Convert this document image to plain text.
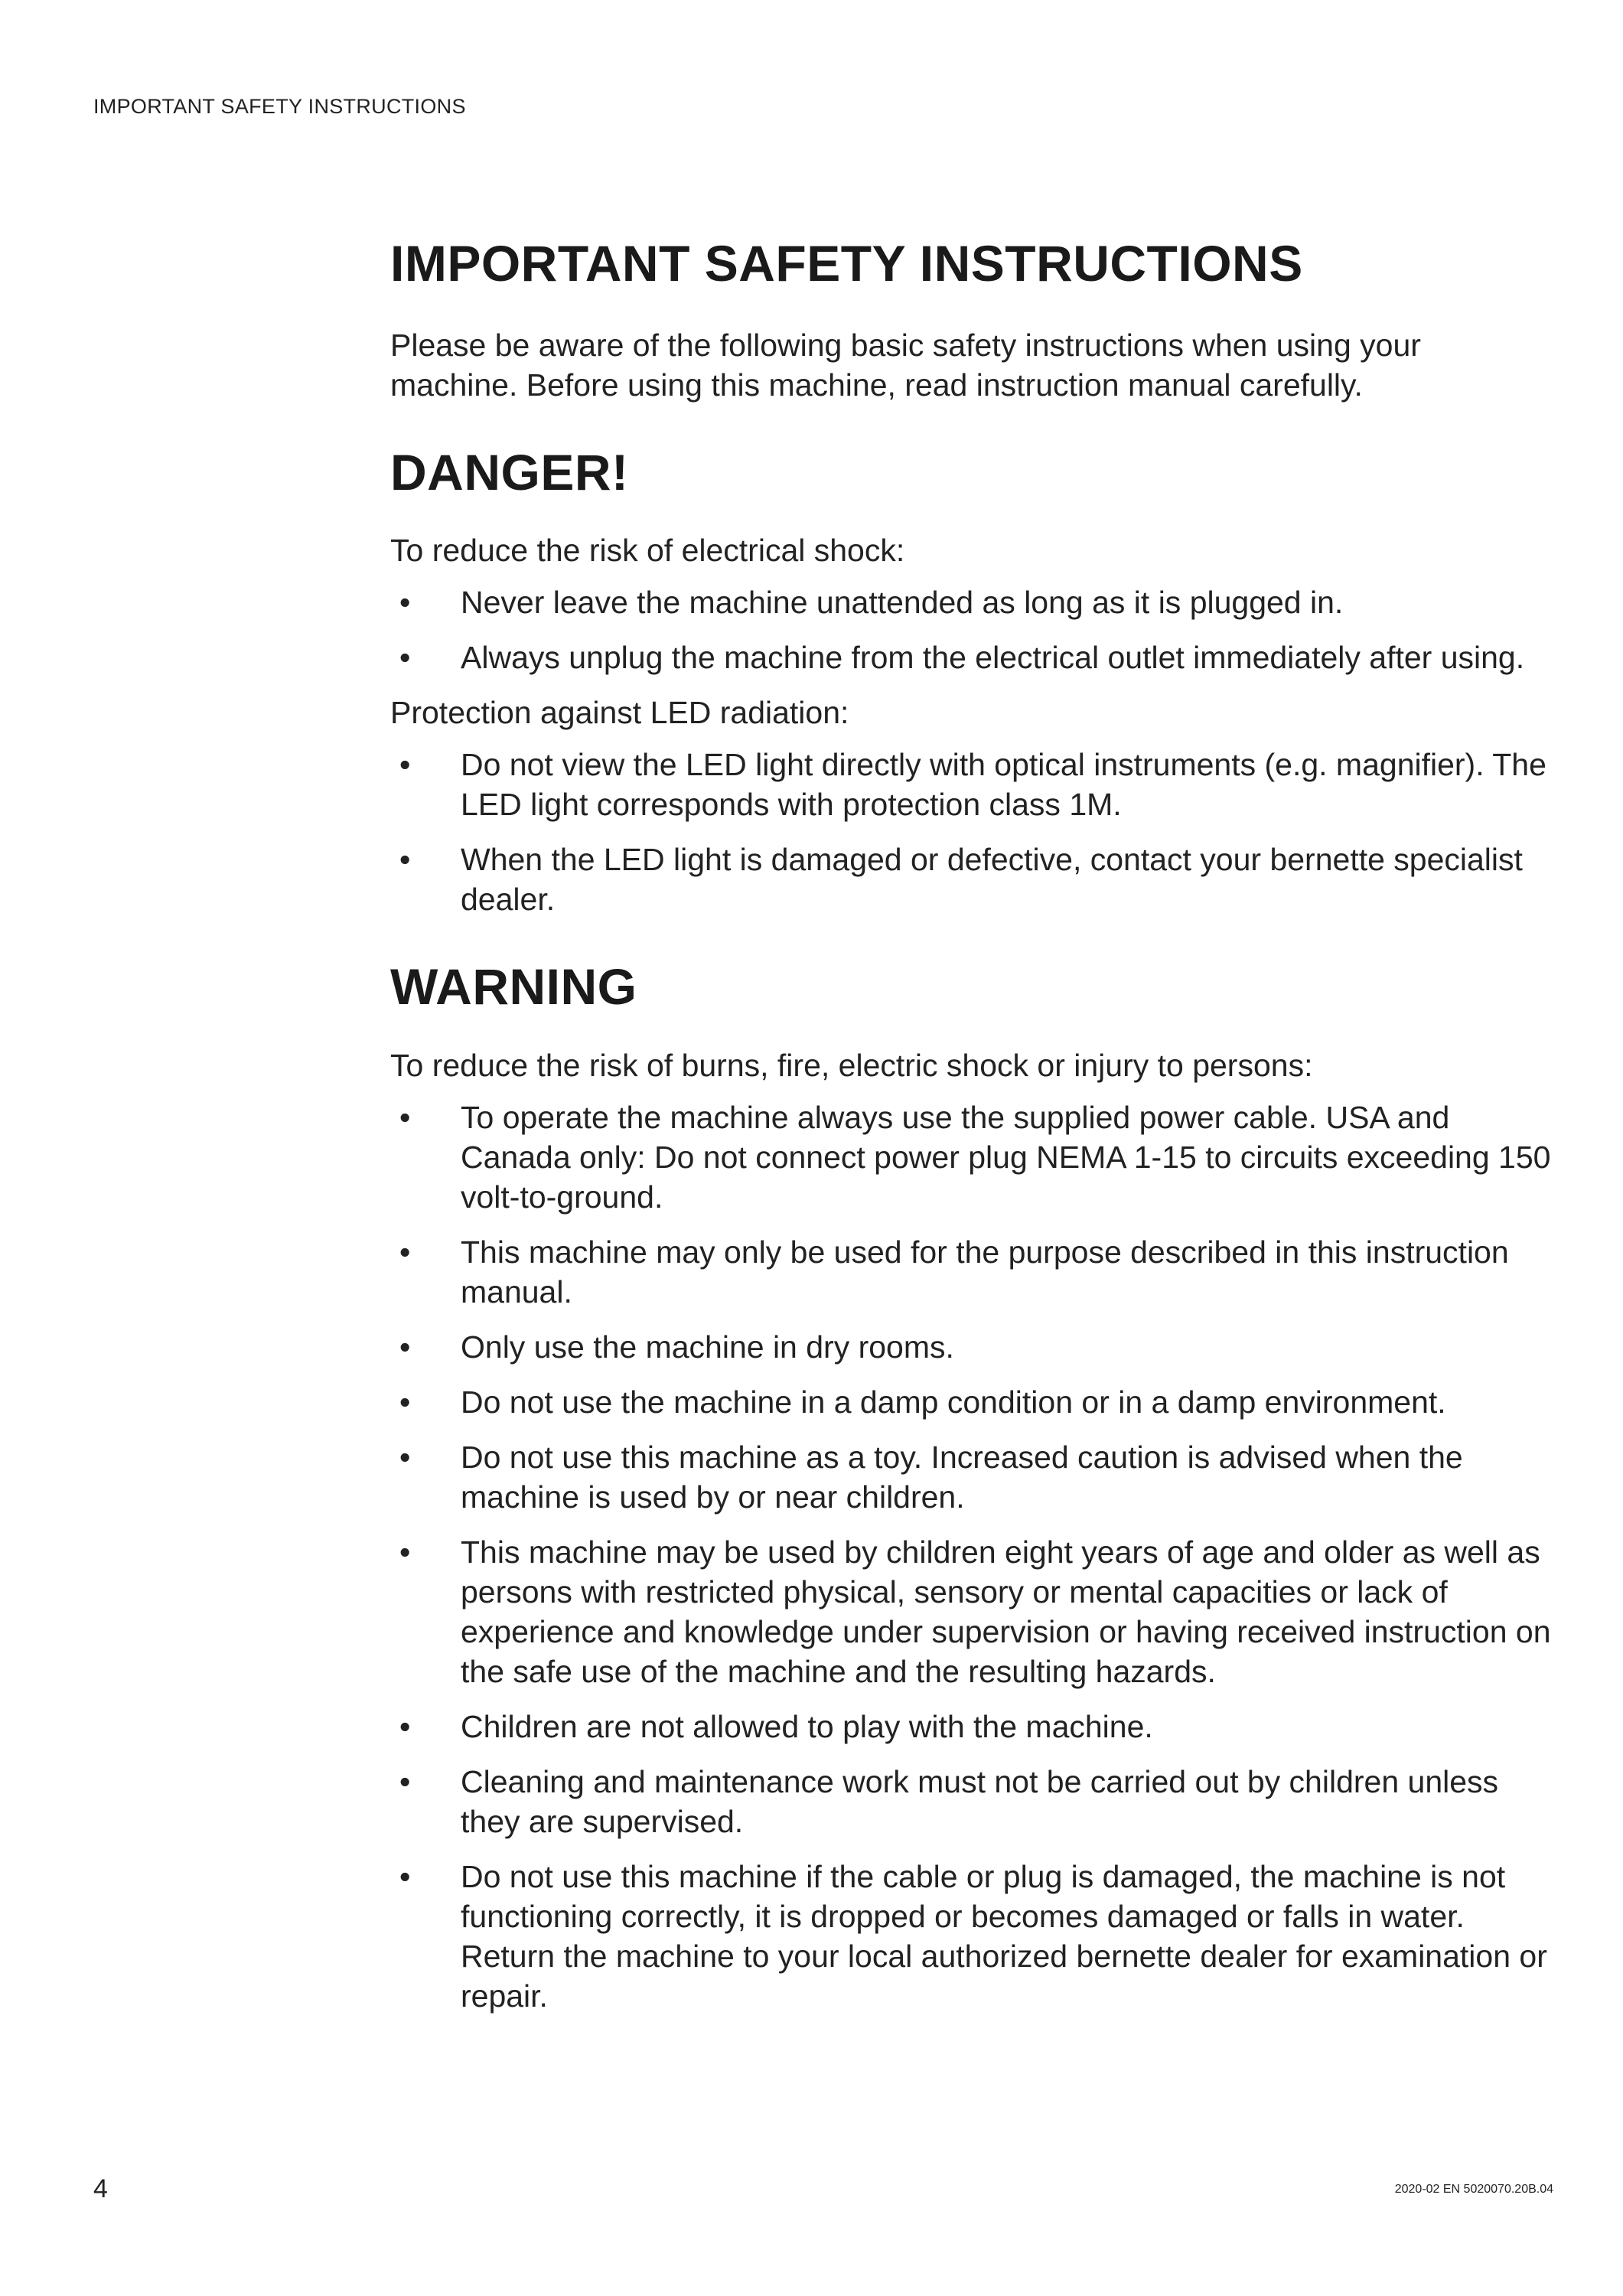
IMPORTANT SAFETY INSTRUCTIONS
IMPORTANT SAFETY INSTRUCTIONS

Please be aware of the following basic safety instructions when using your machine. Before using this machine, read instruction manual carefully.

DANGER!

To reduce the risk of electrical shock:

• Never leave the machine unattended as long as it is plugged in.
• Always unplug the machine from the electrical outlet immediately after using.

Protection against LED radiation:

• Do not view the LED light directly with optical instruments (e.g. magnifier). The LED light corresponds with protection class 1M.
• When the LED light is damaged or defective, contact your bernette specialist dealer.
WARNING

To reduce the risk of burns, fire, electric shock or injury to persons:

• To operate the machine always use the supplied power cable. USA and Canada only: Do not connect power plug NEMA 1-15 to circuits exceeding 150 volt-to-ground.
• This machine may only be used for the purpose described in this instruction manual.
• Only use the machine in dry rooms.
• Do not use the machine in a damp condition or in a damp environment.
• Do not use this machine as a toy. Increased caution is advised when the machine is used by or near children.
• This machine may be used by children eight years of age and older as well as persons with restricted physical, sensory or mental capacities or lack of experience and knowledge under supervision or having received instruction on the safe use of the machine and the resulting hazards.
• Children are not allowed to play with the machine.
• Cleaning and maintenance work must not be carried out by children unless they are supervised.
• Do not use this machine if the cable or plug is damaged, the machine is not functioning correctly, it is dropped or becomes damaged or falls in water. Return the machine to your local authorized bernette dealer for examination or repair.
4	2020-02 EN 5020070.20B.04
